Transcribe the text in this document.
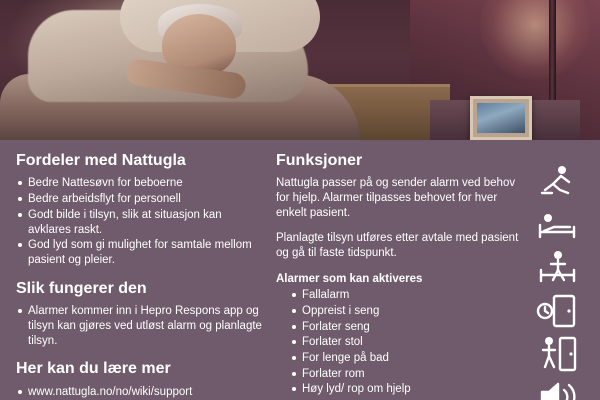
Fordeler med Nattugla
Bedre Nattesøvn for beboerne
Bedre arbeidsflyt for personell
Godt bilde i tilsyn, slik at situasjon kan avklares raskt.
God lyd som gi mulighet for samtale mellom pasient og pleier.
Slik fungerer den
Alarmer kommer inn i Hepro Respons app og tilsyn kan gjøres ved utløst alarm og planlagte tilsyn.
Her kan du lære mer
www.nattugla.no/no/wiki/support
Funksjoner

Nattugla passer på og sender alarm ved behov for hjelp. Alarmer tilpasses behovet for hver enkelt pasient.

Planlagte tilsyn utføres etter avtale med pasient og gå til faste tidspunkt.

Alarmer som kan aktiveres
Fallalarm
Oppreist i seng
Forlater seng
Forlater stol
For lenge på bad
Forlater rom
Høy lyd/ rop om hjelp
